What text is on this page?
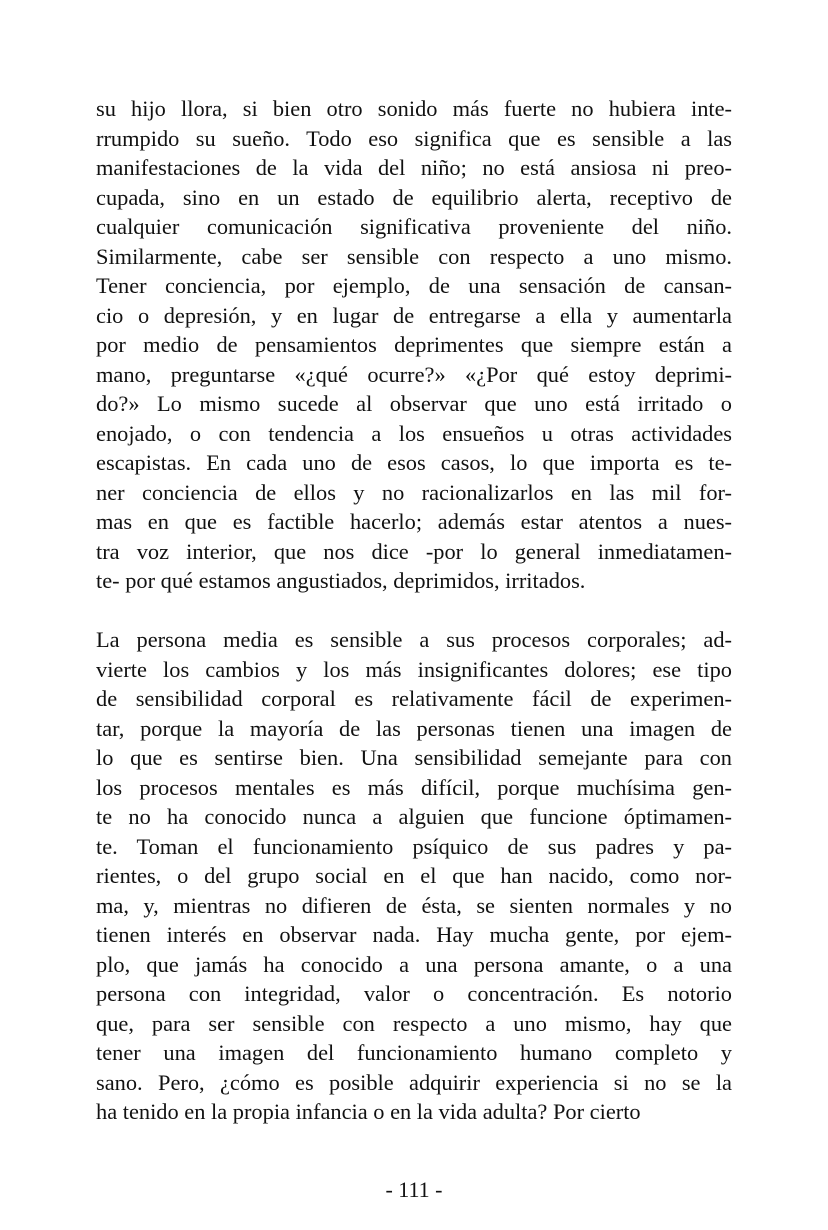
su hijo llora, si bien otro sonido más fuerte no hubiera inte-
rrumpido su sueño. Todo eso significa que es sensible a las
manifestaciones de la vida del niño; no está ansiosa ni preo-
cupada, sino en un estado de equilibrio alerta, receptivo de
cualquier comunicación significativa proveniente del niño.
Similarmente, cabe ser sensible con respecto a uno mismo.
Tener conciencia, por ejemplo, de una sensación de cansan-
cio o depresión, y en lugar de entregarse a ella y aumentarla
por medio de pensamientos deprimentes que siempre están a
mano, preguntarse «¿qué ocurre?» «¿Por qué estoy deprimi-
do?» Lo mismo sucede al observar que uno está irritado o
enojado, o con tendencia a los ensueños u otras actividades
escapistas. En cada uno de esos casos, lo que importa es te-
ner conciencia de ellos y no racionalizarlos en las mil for-
mas en que es factible hacerlo; además estar atentos a nues-
tra voz interior, que nos dice -por lo general inmediatamen-
te- por qué estamos angustiados, deprimidos, irritados.
La persona media es sensible a sus procesos corporales; ad-
vierte los cambios y los más insignificantes dolores; ese tipo
de sensibilidad corporal es relativamente fácil de experimen-
tar, porque la mayoría de las personas tienen una imagen de
lo que es sentirse bien. Una sensibilidad semejante para con
los procesos mentales es más difícil, porque muchísima gen-
te no ha conocido nunca a alguien que funcione óptimamen-
te. Toman el funcionamiento psíquico de sus padres y pa-
rientes, o del grupo social en el que han nacido, como nor-
ma, y, mientras no difieren de ésta, se sienten normales y no
tienen interés en observar nada. Hay mucha gente, por ejem-
plo, que jamás ha conocido a una persona amante, o a una
persona con integridad, valor o concentración. Es notorio
que, para ser sensible con respecto a uno mismo, hay que
tener una imagen del funcionamiento humano completo y
sano. Pero, ¿cómo es posible adquirir experiencia si no se la
ha tenido en la propia infancia o en la vida adulta? Por cierto
- 111 -
